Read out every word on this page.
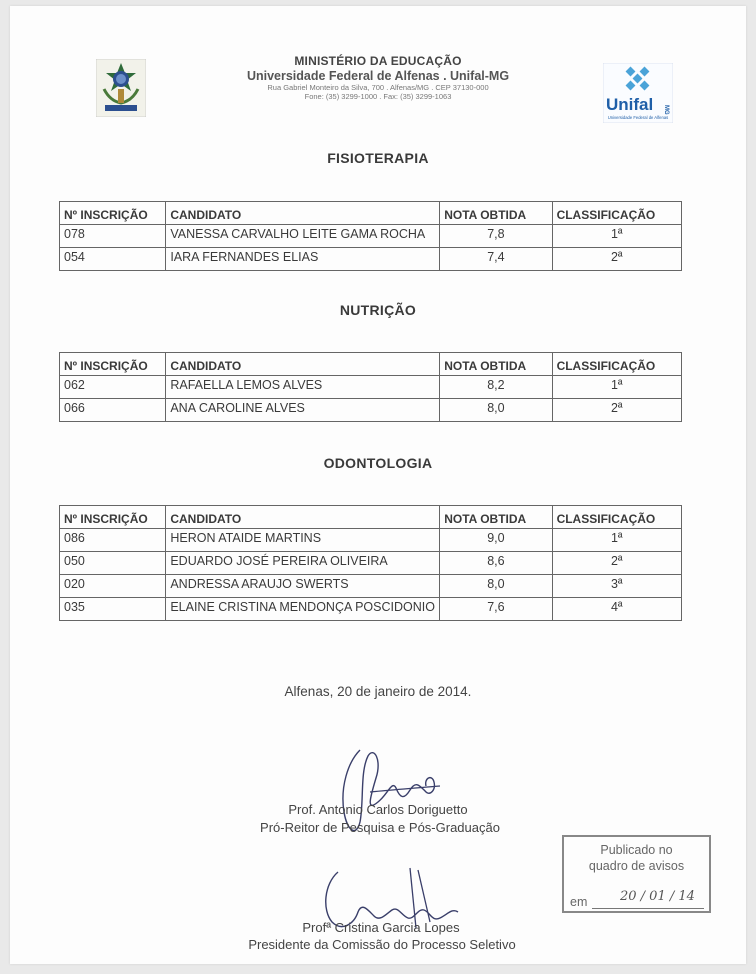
MINISTÉRIO DA EDUCAÇÃO
Universidade Federal de Alfenas . Unifal-MG
Rua Gabriel Monteiro da Silva, 700 . Alfenas/MG . CEP 37130-000
Fone: (35) 3299-1000 . Fax: (35) 3299-1063	Unifal MG
Universidade Federal de Alfenas
FISIOTERAPIA
Nº INSCRIÇÃO	CANDIDATO	NOTA OBTIDA	CLASSIFICAÇÃO
078	VANESSA CARVALHO LEITE GAMA ROCHA	7,8	1ª
054	IARA FERNANDES ELIAS	7,4	2ª
NUTRIÇÃO
Nº INSCRIÇÃO	CANDIDATO	NOTA OBTIDA	CLASSIFICAÇÃO
062	RAFAELLA LEMOS ALVES	8,2	1ª
066	ANA CAROLINE ALVES	8,0	2ª
ODONTOLOGIA
Nº INSCRIÇÃO	CANDIDATO	NOTA OBTIDA	CLASSIFICAÇÃO
086	HERON ATAIDE MARTINS	9,0	1ª
050	EDUARDO JOSÉ PEREIRA OLIVEIRA	8,6	2ª
020	ANDRESSA ARAUJO SWERTS	8,0	3ª
035	ELAINE CRISTINA MENDONÇA POSCIDONIO	7,6	4ª
Alfenas, 20 de janeiro de 2014.
Prof. Antonio Carlos Doriguetto
Pró-Reitor de Pesquisa e Pós-Graduação
Profª Cristina Garcia Lopes
Presidente da Comissão do Processo Seletivo
Publicado no
quadro de avisos
em	20 / 01 / 14
